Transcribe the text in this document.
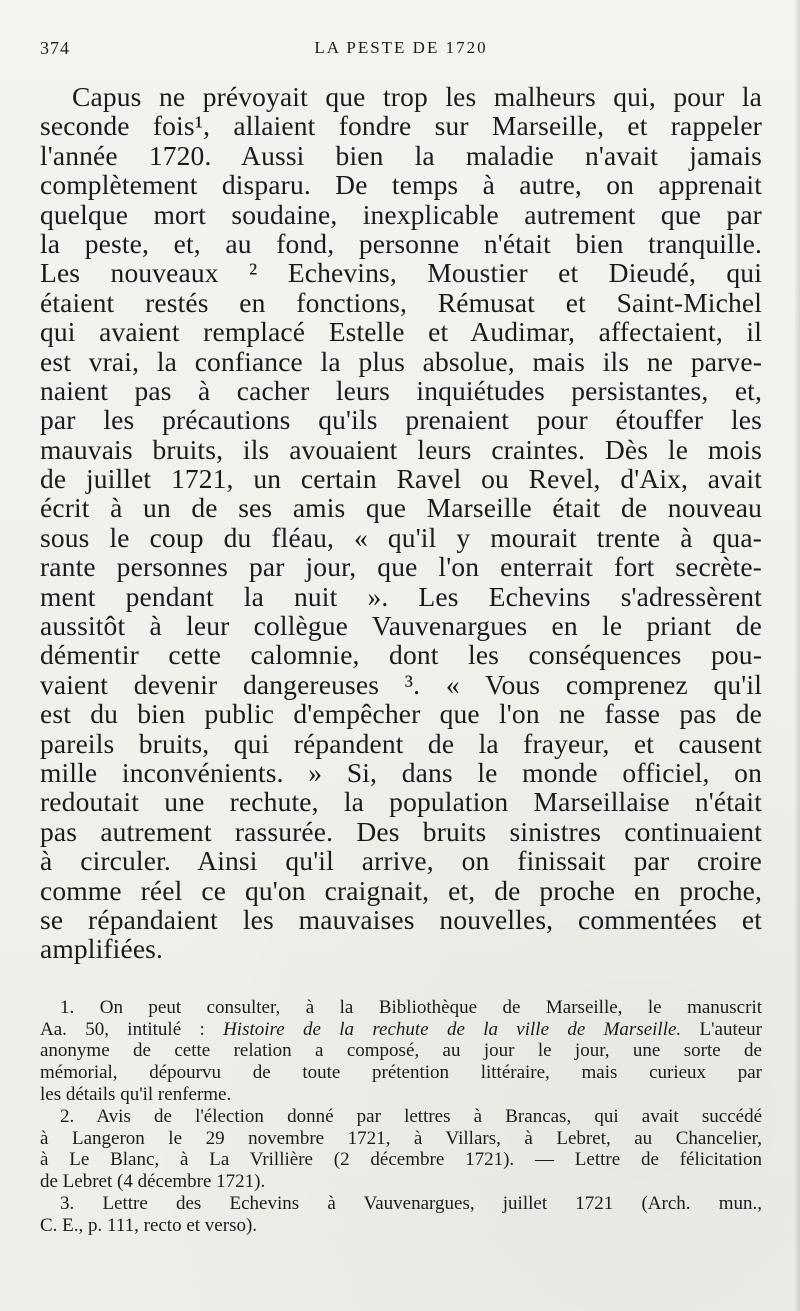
374	LA PESTE DE 1720
Capus ne prévoyait que trop les malheurs qui, pour la
seconde fois¹, allaient fondre sur Marseille, et rappeler
l'année 1720. Aussi bien la maladie n'avait jamais
complètement disparu. De temps à autre, on apprenait
quelque mort soudaine, inexplicable autrement que par
la peste, et, au fond, personne n'était bien tranquille.
Les nouveaux ² Echevins, Moustier et Dieudé, qui
étaient restés en fonctions, Rémusat et Saint-Michel
qui avaient remplacé Estelle et Audimar, affectaient, il
est vrai, la confiance la plus absolue, mais ils ne parve-
naient pas à cacher leurs inquiétudes persistantes, et,
par les précautions qu'ils prenaient pour étouffer les
mauvais bruits, ils avouaient leurs craintes. Dès le mois
de juillet 1721, un certain Ravel ou Revel, d'Aix, avait
écrit à un de ses amis que Marseille était de nouveau
sous le coup du fléau, « qu'il y mourait trente à qua-
rante personnes par jour, que l'on enterrait fort secrète-
ment pendant la nuit ». Les Echevins s'adressèrent
aussitôt à leur collègue Vauvenargues en le priant de
démentir cette calomnie, dont les conséquences pou-
vaient devenir dangereuses ³. « Vous comprenez qu'il
est du bien public d'empêcher que l'on ne fasse pas de
pareils bruits, qui répandent de la frayeur, et causent
mille inconvénients. » Si, dans le monde officiel, on
redoutait une rechute, la population Marseillaise n'était
pas autrement rassurée. Des bruits sinistres continuaient
à circuler. Ainsi qu'il arrive, on finissait par croire
comme réel ce qu'on craignait, et, de proche en proche,
se répandaient les mauvaises nouvelles, commentées et
amplifiées.
1. On peut consulter, à la Bibliothèque de Marseille, le manuscrit
Aa. 50, intitulé : Histoire de la rechute de la ville de Marseille. L'auteur
anonyme de cette relation a composé, au jour le jour, une sorte de
mémorial, dépourvu de toute prétention littéraire, mais curieux par
les détails qu'il renferme.
2. Avis de l'élection donné par lettres à Brancas, qui avait succédé
à Langeron le 29 novembre 1721, à Villars, à Lebret, au Chancelier,
à Le Blanc, à La Vrillière (2 décembre 1721). — Lettre de félicitation
de Lebret (4 décembre 1721).
3. Lettre des Echevins à Vauvenargues, juillet 1721 (Arch. mun.,
C. E., p. 111, recto et verso).
